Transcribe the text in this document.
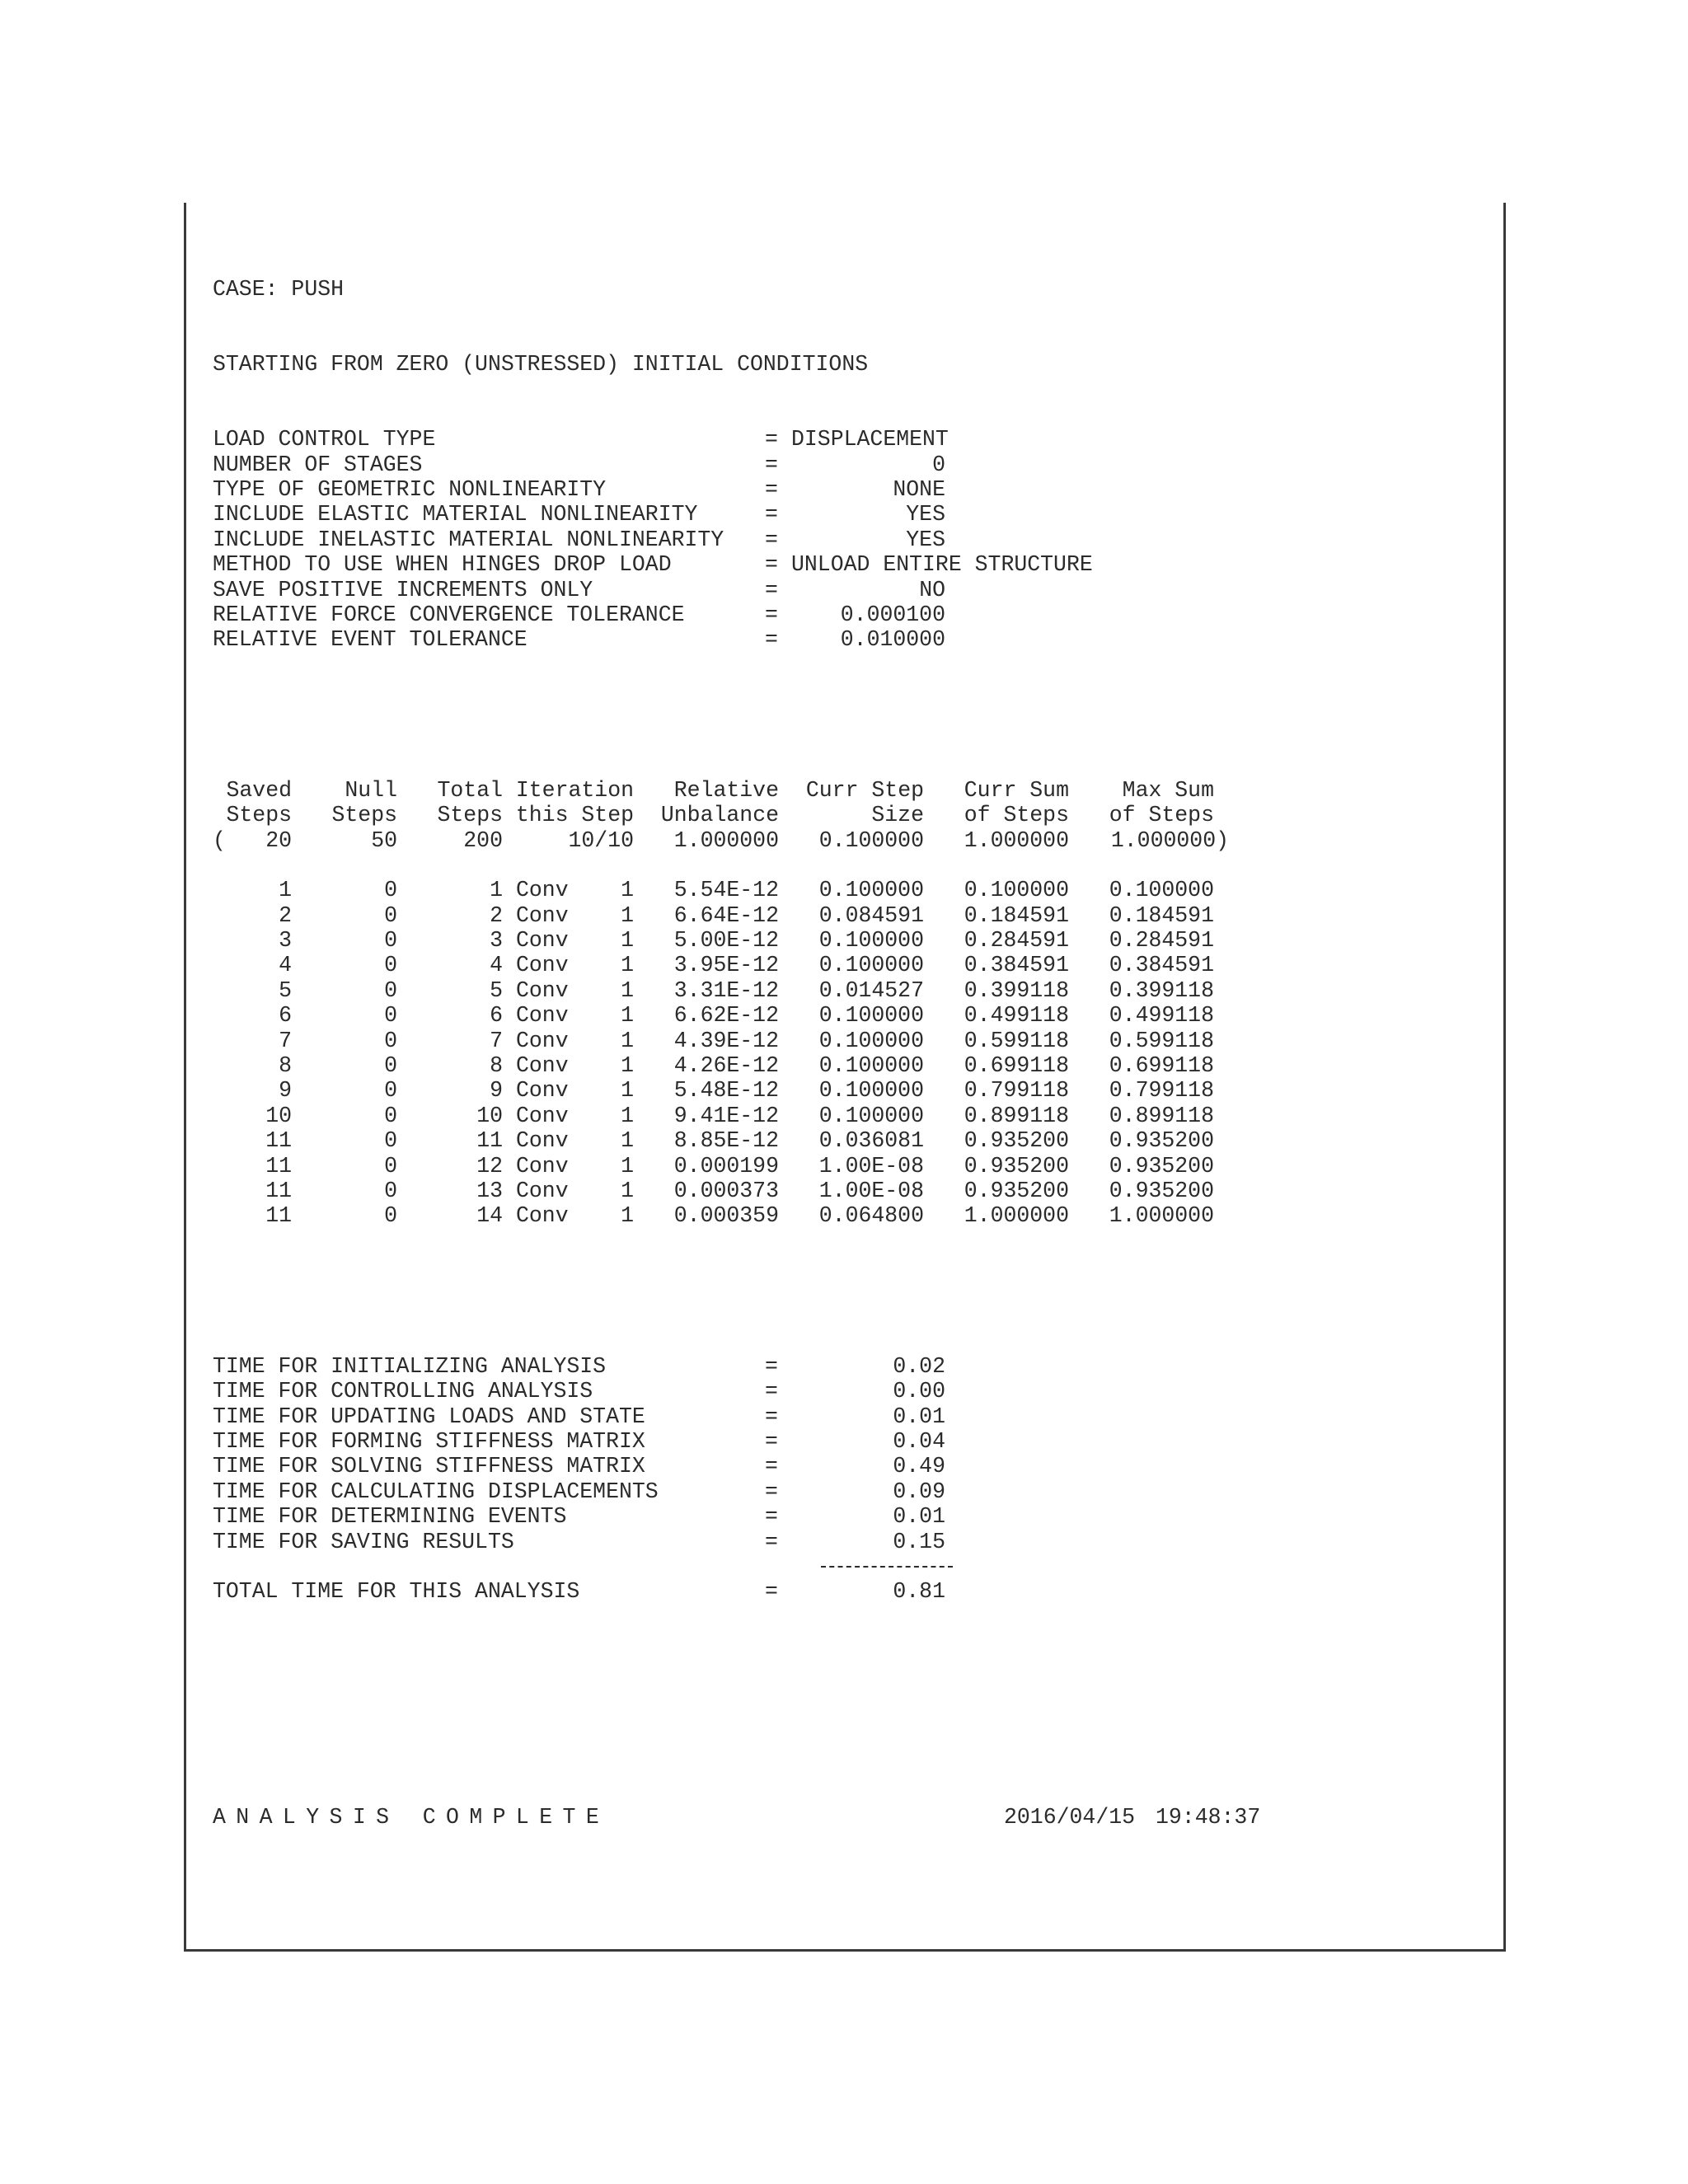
CASE: PUSH

STARTING FROM ZERO (UNSTRESSED) INITIAL CONDITIONS

LOAD CONTROL TYPE	= DISPLACEMENT
NUMBER OF STAGES	=	0
TYPE OF GEOMETRIC NONLINEARITY	=	NONE
INCLUDE ELASTIC MATERIAL NONLINEARITY	=	YES
INCLUDE INELASTIC MATERIAL NONLINEARITY =	YES
METHOD TO USE WHEN HINGES DROP LOAD	= UNLOAD ENTIRE STRUCTURE
SAVE POSITIVE INCREMENTS ONLY	=	NO
RELATIVE FORCE CONVERGENCE TOLERANCE	=	0.000100
RELATIVE EVENT TOLERANCE	=	0.010000

Saved Null Total Iteration Relative Curr Step Curr Sum Max Sum
Steps Steps Steps this Step Unbalance	Size of Steps of Steps
( 20	50	200	10/10 1.000000 0.100000 1.000000 1.000000)
1	0	1 Conv 1 5.54E-12 0.100000 0.100000 0.100000
2	0	2 Conv 1 6.64E-12 0.084591 0.184591 0.184591
3	0	3 Conv 1 5.00E-12 0.100000 0.284591 0.284591
4	0	4 Conv 1 3.95E-12 0.100000 0.384591 0.384591
5	0	5 Conv 1 3.31E-12 0.014527 0.399118 0.399118
6	0	6 Conv 1 6.62E-12 0.100000 0.499118 0.499118
7	0	7 Conv 1 4.39E-12 0.100000 0.599118 0.599118
8	0	8 Conv 1 4.26E-12 0.100000 0.699118 0.699118
9	0	9 Conv 1 5.48E-12 0.100000 0.799118 0.799118
10	0	10 Conv 1 9.41E-12 0.100000 0.899118 0.899118
11	0	11 Conv 1 8.85E-12 0.036081 0.935200 0.935200
11	0	12 Conv 1 0.000199 1.00E-08 0.935200 0.935200
11	0	13 Conv 1 0.000373 1.00E-08 0.935200 0.935200
11	0	14 Conv 1 0.000359 0.064800 1.000000 1.000000

TIME FOR INITIALIZING ANALYSIS	=	0.02
TIME FOR CONTROLLING ANALYSIS	=	0.00
TIME FOR UPDATING LOADS AND STATE	=	0.01
TIME FOR FORMING STIFFNESS MATRIX	=	0.04
TIME FOR SOLVING STIFFNESS MATRIX	=	0.49
TIME FOR CALCULATING DISPLACEMENTS	=	0.09
TIME FOR DETERMINING EVENTS	=	0.01
TIME FOR SAVING RESULTS	=	0.15
TOTAL TIME FOR THIS ANALYSIS	=	0.81

ANALYSIS COMPLETE	2016/04/15 19:48:37
